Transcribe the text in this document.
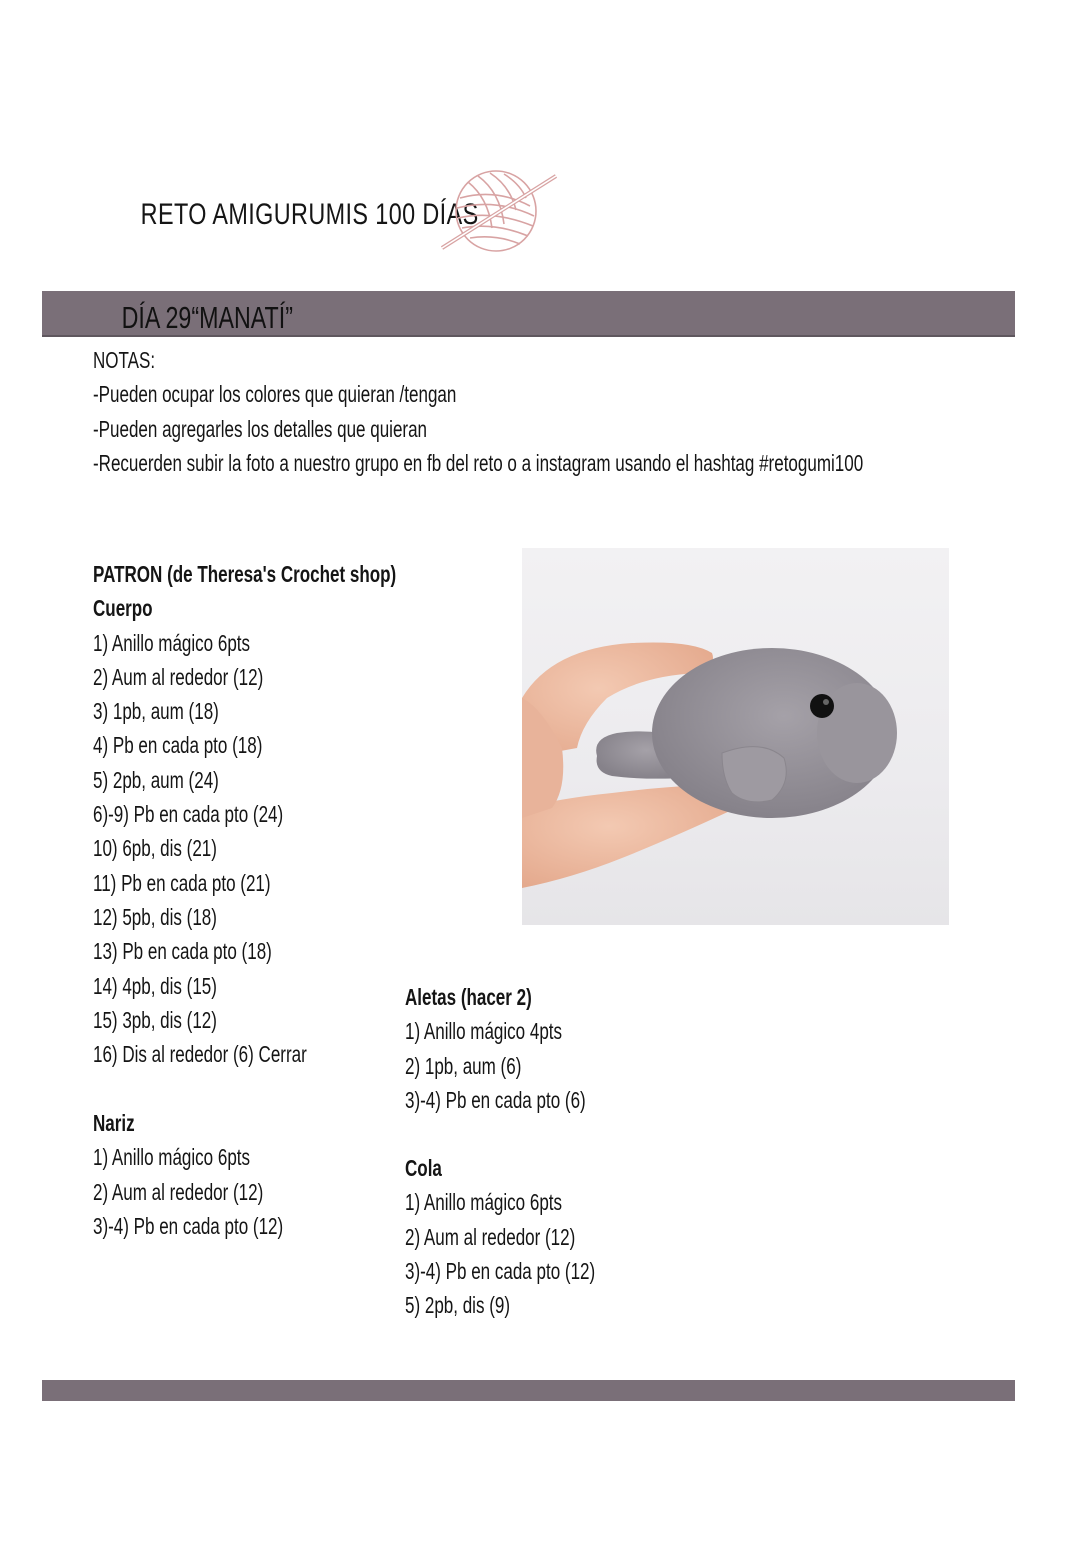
RETO AMIGURUMIS 100 DÍAS
DÍA 29“MANATÍ”
NOTAS:
-Pueden ocupar los colores que quieran /tengan
-Pueden agregarles los detalles que quieran
-Recuerden subir la foto a nuestro grupo en fb del reto o a instagram usando el hashtag #retogumi100
PATRON (de Theresa's Crochet shop)
Cuerpo
1) Anillo mágico 6pts
2) Aum al rededor (12)
3) 1pb, aum (18)
4) Pb en cada pto (18)
5) 2pb, aum (24)
6)-9) Pb en cada pto (24)
10) 6pb, dis (21)
11) Pb en cada pto (21)
12) 5pb, dis (18)
13) Pb en cada pto (18)
14) 4pb, dis (15)
15) 3pb, dis (12)
16) Dis al rededor (6) Cerrar
Nariz
1) Anillo mágico 6pts
2) Aum al rededor (12)
3)-4) Pb en cada pto (12)
Aletas (hacer 2)
1) Anillo mágico 4pts
2) 1pb, aum (6)
3)-4) Pb en cada pto (6)
Cola
1) Anillo mágico 6pts
2) Aum al rededor (12)
3)-4) Pb en cada pto (12)
5) 2pb, dis (9)
